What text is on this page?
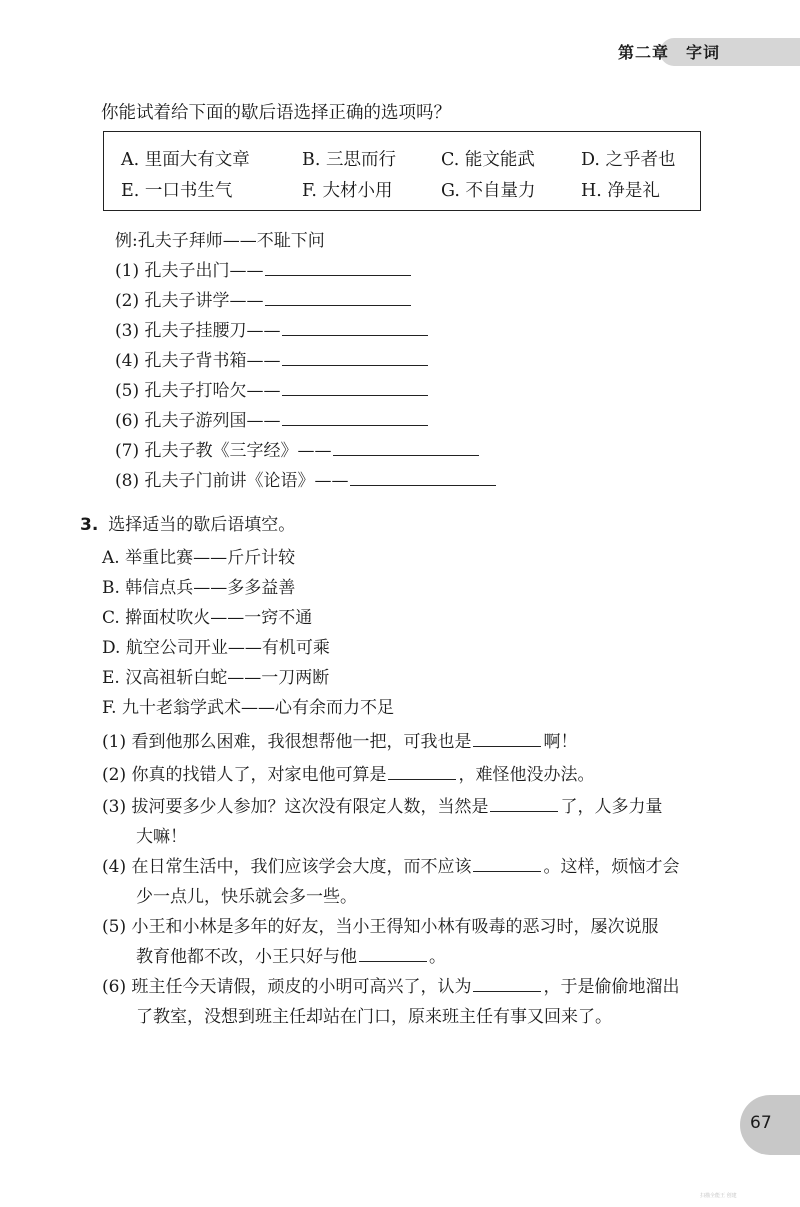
第二章　字词
你能试着给下面的歇后语选择正确的选项吗？
A. 里面大有文章	B. 三思而行	C. 能文能武	D. 之乎者也
E. 一口书生气	F. 大材小用	G. 不自量力	H. 净是礼
例:孔夫子拜师——不耻下问
(1) 孔夫子出门——
(2) 孔夫子讲学——
(3) 孔夫子挂腰刀——
(4) 孔夫子背书箱——
(5) 孔夫子打哈欠——
(6) 孔夫子游列国——
(7) 孔夫子教《三字经》——
(8) 孔夫子门前讲《论语》——
3. 选择适当的歇后语填空。
A. 举重比赛——斤斤计较
B. 韩信点兵——多多益善
C. 擀面杖吹火——一窍不通
D. 航空公司开业——有机可乘
E. 汉高祖斩白蛇——一刀两断
F. 九十老翁学武术——心有余而力不足
(1) 看到他那么困难，我很想帮他一把，可我也是	啊！
(2) 你真的找错人了，对家电他可算是	，难怪他没办法。
(3) 拔河要多少人参加？这次没有限定人数，当然是	了，人多力量
大嘛！
(4) 在日常生活中，我们应该学会大度，而不应该	。这样，烦恼才会
少一点儿，快乐就会多一些。
(5) 小王和小林是多年的好友，当小王得知小林有吸毒的恶习时，屡次说服
教育他都不改，小王只好与他	。
(6) 班主任今天请假，顽皮的小明可高兴了，认为	，于是偷偷地溜出
了教室，没想到班主任却站在门口，原来班主任有事又回来了。
67
扫描全能王 创建
